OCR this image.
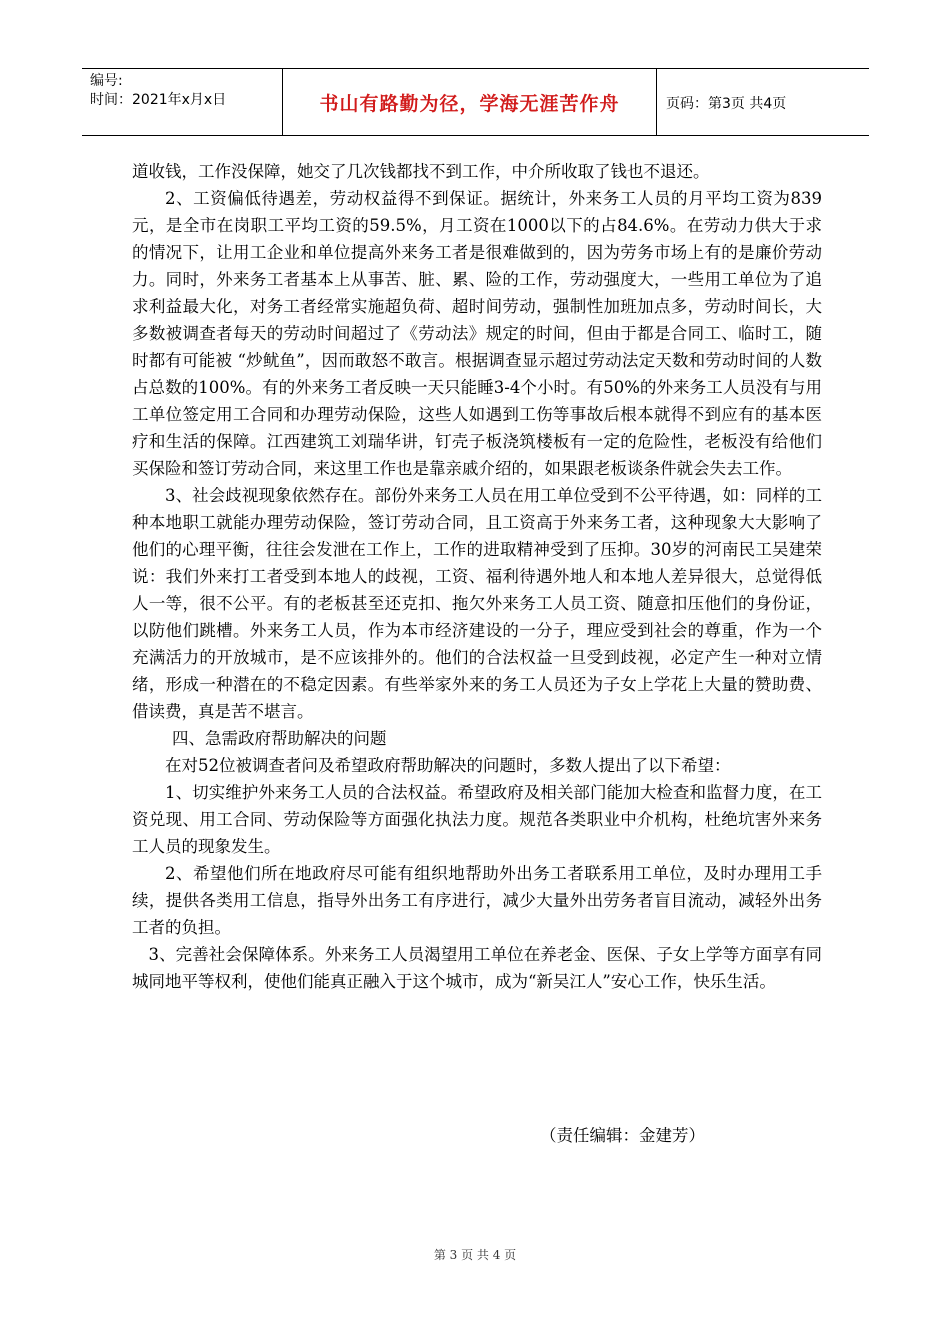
编号:
时间：2021年x月x日	书山有路勤为径，学海无涯苦作舟	页码：第3页 共4页

道收钱，工作没保障，她交了几次钱都找不到工作，中介所收取了钱也不退还。

2、工资偏低待遇差，劳动权益得不到保证。据统计，外来务工人员的月平均工资为839元，是全市在岗职工平均工资的59.5%，月工资在1000以下的占84.6%。在劳动力供大于求的情况下，让用工企业和单位提高外来务工者是很难做到的，因为劳务市场上有的是廉价劳动力。同时，外来务工者基本上从事苦、脏、累、险的工作，劳动强度大，一些用工单位为了追求利益最大化，对务工者经常实施超负荷、超时间劳动，强制性加班加点多，劳动时间长，大多数被调查者每天的劳动时间超过了《劳动法》规定的时间，但由于都是合同工、临时工，随时都有可能被 “炒鱿鱼”，因而敢怒不敢言。根据调查显示超过劳动法定天数和劳动时间的人数占总数的100%。有的外来务工者反映一天只能睡3-4个小时。有50%的外来务工人员没有与用工单位签定用工合同和办理劳动保险，这些人如遇到工伤等事故后根本就得不到应有的基本医疗和生活的保障。江西建筑工刘瑞华讲，钉壳子板浇筑楼板有一定的危险性，老板没有给他们买保险和签订劳动合同，来这里工作也是靠亲戚介绍的，如果跟老板谈条件就会失去工作。

3、社会歧视现象依然存在。部份外来务工人员在用工单位受到不公平待遇，如：同样的工种本地职工就能办理劳动保险，签订劳动合同，且工资高于外来务工者，这种现象大大影响了他们的心理平衡，往往会发泄在工作上，工作的进取精神受到了压抑。30岁的河南民工吴建荣说：我们外来打工者受到本地人的歧视，工资、福利待遇外地人和本地人差异很大，总觉得低人一等，很不公平。有的老板甚至还克扣、拖欠外来务工人员工资、随意扣压他们的身份证，以防他们跳槽。外来务工人员，作为本市经济建设的一分子，理应受到社会的尊重，作为一个充满活力的开放城市，是不应该排外的。他们的合法权益一旦受到歧视，必定产生一种对立情绪，形成一种潜在的不稳定因素。有些举家外来的务工人员还为子女上学花上大量的赞助费、借读费，真是苦不堪言。

四、急需政府帮助解决的问题

在对52位被调查者问及希望政府帮助解决的问题时，多数人提出了以下希望：

1、切实维护外来务工人员的合法权益。希望政府及相关部门能加大检查和监督力度，在工资兑现、用工合同、劳动保险等方面强化执法力度。规范各类职业中介机构，杜绝坑害外来务工人员的现象发生。

2、希望他们所在地政府尽可能有组织地帮助外出务工者联系用工单位，及时办理用工手续，提供各类用工信息，指导外出务工有序进行，减少大量外出劳务者盲目流动，减轻外出务工者的负担。

3、完善社会保障体系。外来务工人员渴望用工单位在养老金、医保、子女上学等方面享有同城同地平等权利，使他们能真正融入于这个城市，成为“新吴江人”安心工作，快乐生活。

（责任编辑：金建芳）
第 3 页 共 4 页
